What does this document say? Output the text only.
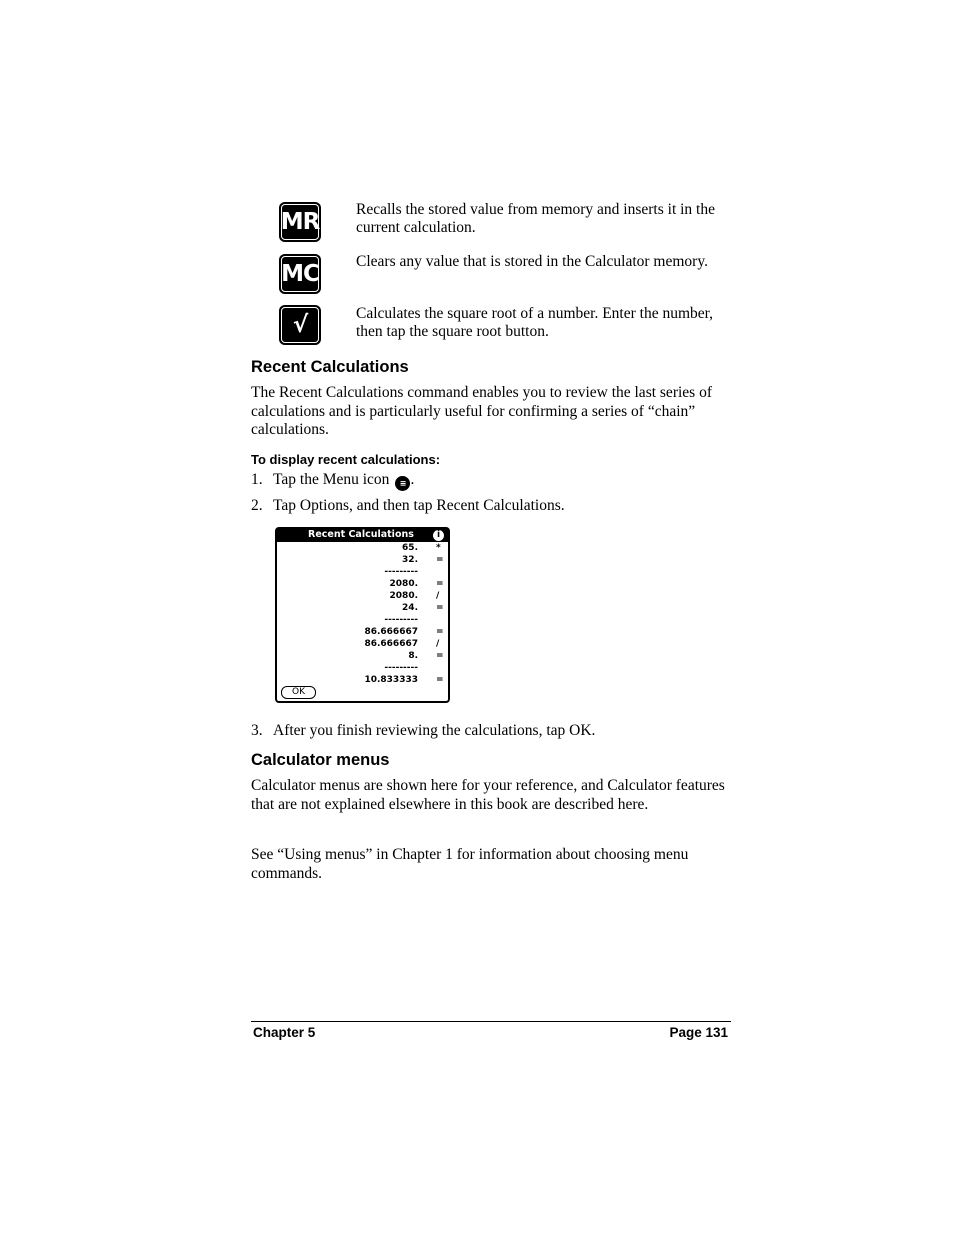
MR Recalls the stored value from memory and inserts it in the current calculation.
MC Clears any value that is stored in the Calculator memory.
√	Calculates the square root of a number. Enter the number, then tap the square root button.
Recent Calculations

The Recent Calculations command enables you to review the last series of calculations and is particularly useful for confirming a series of “chain” calculations.

To display recent calculations:
1. Tap the Menu icon ≡ .
2. Tap Options, and then tap Recent Calculations.
Recent Calculations	i
65. *
32. =
---------
2080. =
2080. /
24. =
---------
86.666667 =
86.666667 /
8. =
---------
10.833333 =
OK
3. After you finish reviewing the calculations, tap OK.
Calculator menus

Calculator menus are shown here for your reference, and Calculator features that are not explained elsewhere in this book are described here.

See “Using menus” in Chapter 1 for information about choosing menu commands.

Chapter 5	Page 131
